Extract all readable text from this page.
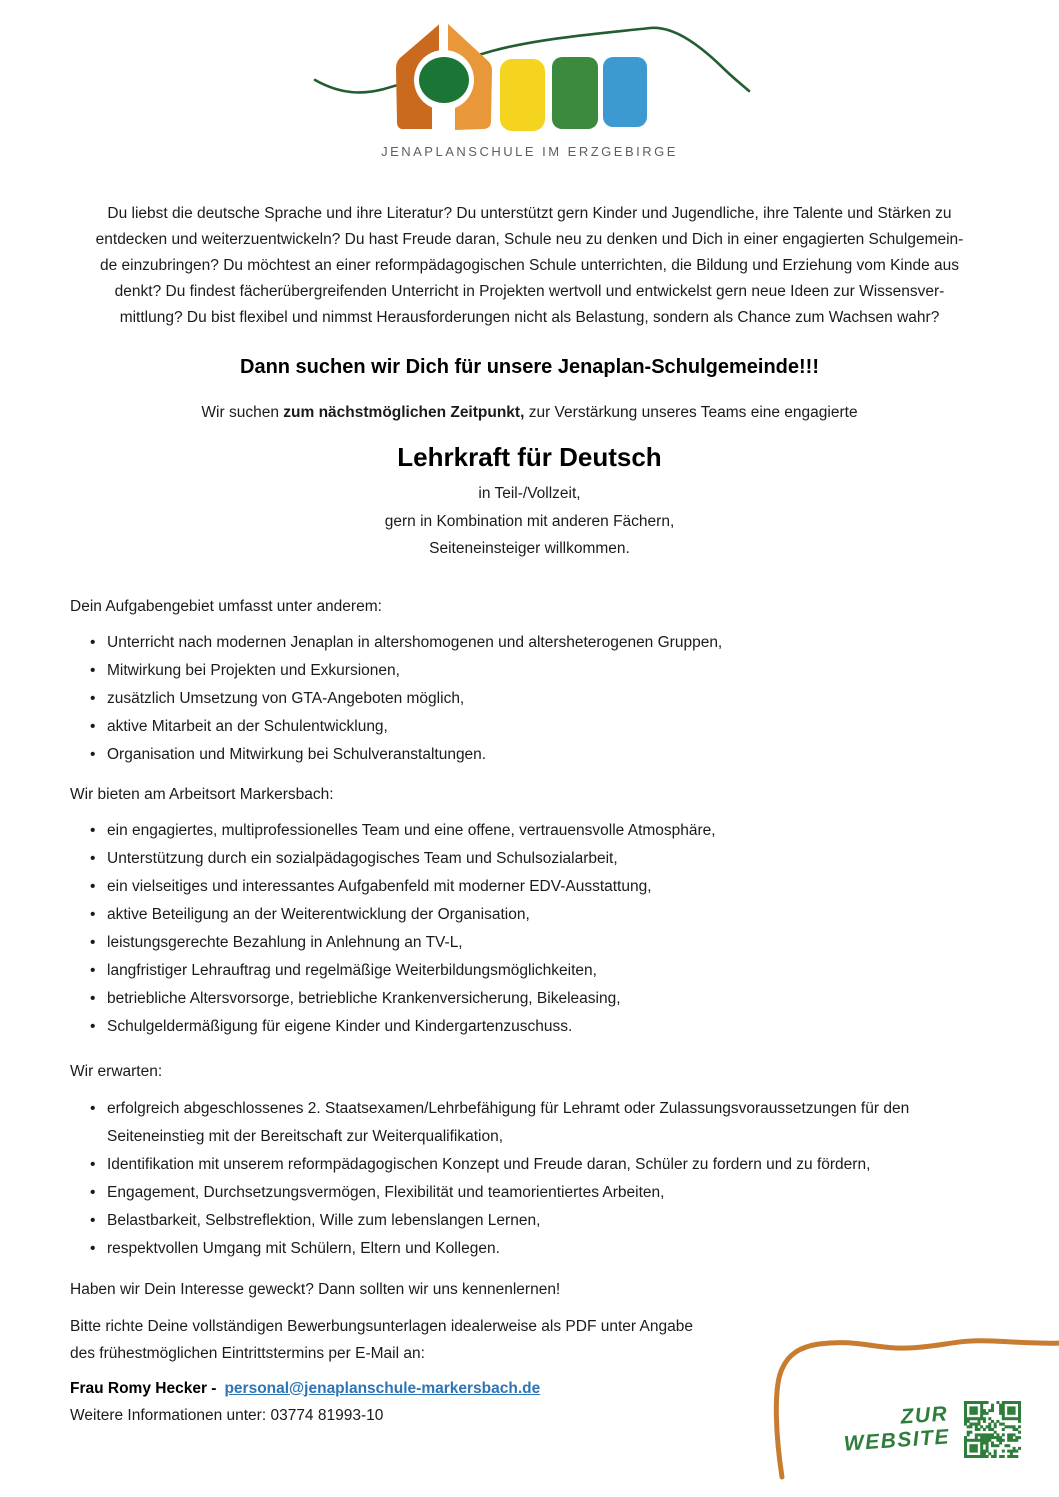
JENAPLANSCHULE IM ERZGEBIRGE
Du liebst die deutsche Sprache und ihre Literatur? Du unterstützt gern Kinder und Jugendliche, ihre Talente und Stärken zu
entdecken und weiterzuentwickeln? Du hast Freude daran, Schule neu zu denken und Dich in einer engagierten Schulgemein-
de einzubringen? Du möchtest an einer reformpädagogischen Schule unterrichten, die Bildung und Erziehung vom Kinde aus
denkt? Du findest fächerübergreifenden Unterricht in Projekten wertvoll und entwickelst gern neue Ideen zur Wissensver-
mittlung? Du bist flexibel und nimmst Herausforderungen nicht als Belastung, sondern als Chance zum Wachsen wahr?
Dann suchen wir Dich für unsere Jenaplan-Schulgemeinde!!!

Wir suchen zum nächstmöglichen Zeitpunkt, zur Verstärkung unseres Teams eine engagierte

Lehrkraft für Deutsch
in Teil-/Vollzeit,
gern in Kombination mit anderen Fächern,
Seiteneinsteiger willkommen.

Dein Aufgabengebiet umfasst unter anderem:

• Unterricht nach modernen Jenaplan in altershomogenen und altersheterogenen Gruppen,
• Mitwirkung bei Projekten und Exkursionen,
• zusätzlich Umsetzung von GTA-Angeboten möglich,
• aktive Mitarbeit an der Schulentwicklung,
• Organisation und Mitwirkung bei Schulveranstaltungen.

Wir bieten am Arbeitsort Markersbach:

• ein engagiertes, multiprofessionelles Team und eine offene, vertrauensvolle Atmosphäre,
• Unterstützung durch ein sozialpädagogisches Team und Schulsozialarbeit,
• ein vielseitiges und interessantes Aufgabenfeld mit moderner EDV-Ausstattung,
• aktive Beteiligung an der Weiterentwicklung der Organisation,
• leistungsgerechte Bezahlung in Anlehnung an TV-L,
• langfristiger Lehrauftrag und regelmäßige Weiterbildungsmöglichkeiten,
• betriebliche Altersvorsorge, betriebliche Krankenversicherung, Bikeleasing,
• Schulgeldermäßigung für eigene Kinder und Kindergartenzuschuss.

Wir erwarten:

• erfolgreich abgeschlossenes 2. Staatsexamen/Lehrbefähigung für Lehramt oder Zulassungsvoraussetzungen für den Seiteneinstieg mit der Bereitschaft zur Weiterqualifikation,
• Identifikation mit unserem reformpädagogischen Konzept und Freude daran, Schüler zu fordern und zu fördern,
• Engagement, Durchsetzungsvermögen, Flexibilität und teamorientiertes Arbeiten,
• Belastbarkeit, Selbstreflektion, Wille zum lebenslangen Lernen,
• respektvollen Umgang mit Schülern, Eltern und Kollegen.

Haben wir Dein Interesse geweckt? Dann sollten wir uns kennenlernen!

Bitte richte Deine vollständigen Bewerbungsunterlagen idealerweise als PDF unter Angabe
des frühestmöglichen Eintrittstermins per E-Mail an:

Frau Romy Hecker - personal@jenaplanschule-markersbach.de

Weitere Informationen unter: 03774 81993-10	ZUR
WEBSITE
